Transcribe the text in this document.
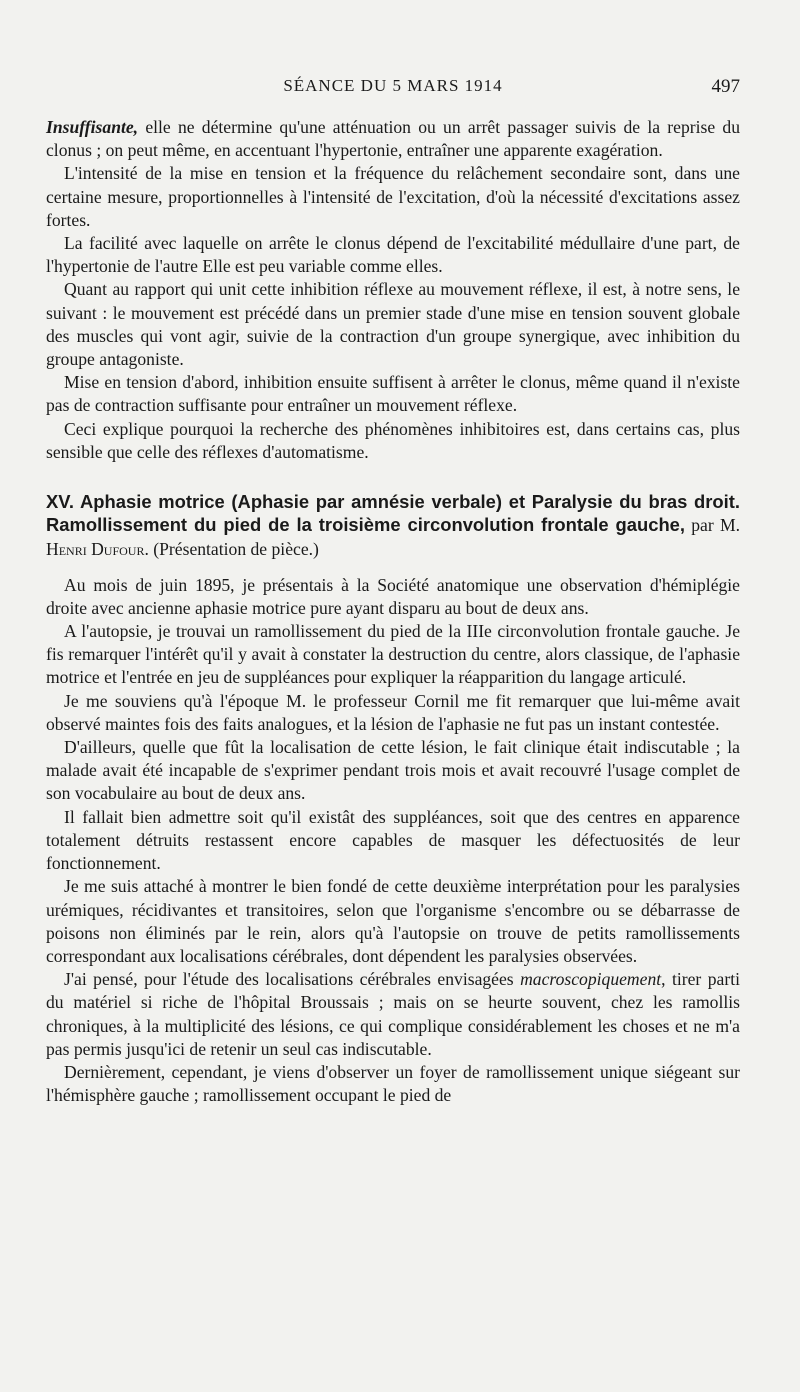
SÉANCE DU 5 MARS 1914	497

Insuffisante, elle ne détermine qu'une atténuation ou un arrêt passager suivis de la reprise du clonus ; on peut même, en accentuant l'hypertonie, entraîner une apparente exagération.

L'intensité de la mise en tension et la fréquence du relâchement secondaire sont, dans une certaine mesure, proportionnelles à l'intensité de l'excitation, d'où la nécessité d'excitations assez fortes.

La facilité avec laquelle on arrête le clonus dépend de l'excitabilité médullaire d'une part, de l'hypertonie de l'autre Elle est peu variable comme elles.

Quant au rapport qui unit cette inhibition réflexe au mouvement réflexe, il est, à notre sens, le suivant : le mouvement est précédé dans un premier stade d'une mise en tension souvent globale des muscles qui vont agir, suivie de la contraction d'un groupe synergique, avec inhibition du groupe antagoniste.

Mise en tension d'abord, inhibition ensuite suffisent à arrêter le clonus, même quand il n'existe pas de contraction suffisante pour entraîner un mouvement réflexe.

Ceci explique pourquoi la recherche des phénomènes inhibitoires est, dans certains cas, plus sensible que celle des réflexes d'automatisme.

XV. Aphasie motrice (Aphasie par amnésie verbale) et Paralysie du bras droit. Ramollissement du pied de la troisième circonvolution frontale gauche, par M. Henri Dufour. (Présentation de pièce.)

Au mois de juin 1895, je présentais à la Société anatomique une observation d'hémiplégie droite avec ancienne aphasie motrice pure ayant disparu au bout de deux ans.

A l'autopsie, je trouvai un ramollissement du pied de la IIIe circonvolution frontale gauche. Je fis remarquer l'intérêt qu'il y avait à constater la destruction du centre, alors classique, de l'aphasie motrice et l'entrée en jeu de suppléances pour expliquer la réapparition du langage articulé.

Je me souviens qu'à l'époque M. le professeur Cornil me fit remarquer que lui-même avait observé maintes fois des faits analogues, et la lésion de l'aphasie ne fut pas un instant contestée.

D'ailleurs, quelle que fût la localisation de cette lésion, le fait clinique était indiscutable ; la malade avait été incapable de s'exprimer pendant trois mois et avait recouvré l'usage complet de son vocabulaire au bout de deux ans.

Il fallait bien admettre soit qu'il existât des suppléances, soit que des centres en apparence totalement détruits restassent encore capables de masquer les défectuosités de leur fonctionnement.

Je me suis attaché à montrer le bien fondé de cette deuxième interprétation pour les paralysies urémiques, récidivantes et transitoires, selon que l'organisme s'encombre ou se débarrasse de poisons non éliminés par le rein, alors qu'à l'autopsie on trouve de petits ramollissements correspondant aux localisations cérébrales, dont dépendent les paralysies observées.

J'ai pensé, pour l'étude des localisations cérébrales envisagées macroscopiquement, tirer parti du matériel si riche de l'hôpital Broussais ; mais on se heurte souvent, chez les ramollis chroniques, à la multiplicité des lésions, ce qui complique considérablement les choses et ne m'a pas permis jusqu'ici de retenir un seul cas indiscutable.

Dernièrement, cependant, je viens d'observer un foyer de ramollissement unique siégeant sur l'hémisphère gauche ; ramollissement occupant le pied de
